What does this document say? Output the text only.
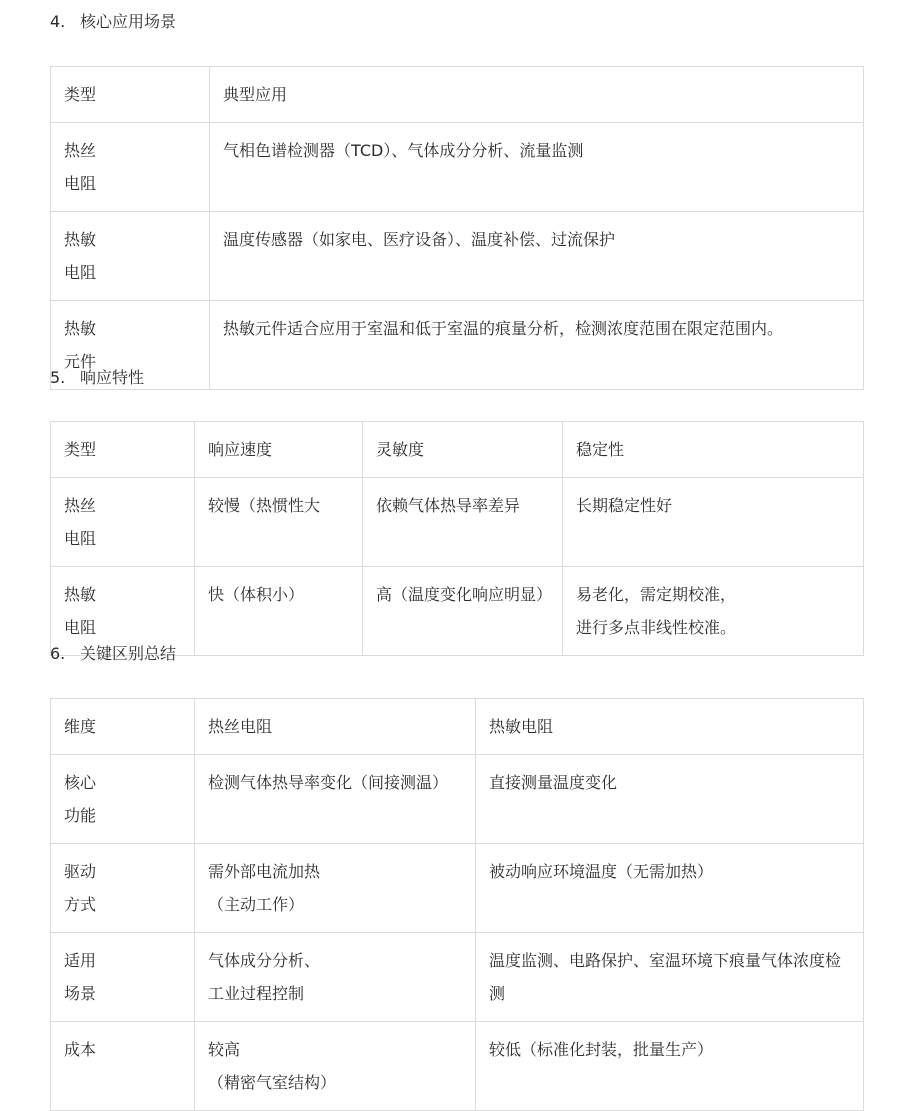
4. 核心应用场景
类型	典型应用

热丝
电阻	气相色谱检测器（TCD）、气体成分分析、流量监测

热敏
电阻	温度传感器（如家电、医疗设备）、温度补偿、过流保护

热敏
元件	热敏元件适合应用于室温和低于室温的痕量分析，检测浓度范围在限定范围内。
5. 响应特性
类型	响应速度	灵敏度	稳定性

热丝
电阻	较慢（热惯性大	依赖气体热导率差异	长期稳定性好

热敏
电阻	快（体积小）	高（温度变化响应明显）	易老化，需定期校准，
进行多点非线性校准。
6. 关键区别总结
维度	热丝电阻	热敏电阻

核心
功能	检测气体热导率变化（间接测温）	直接测量温度变化

驱动
方式	需外部电流加热
（主动工作）	被动响应环境温度（无需加热）

适用
场景	气体成分分析、
工业过程控制	温度监测、电路保护、室温环境下痕量气体浓度检测

成本	较高
（精密气室结构）	较低（标准化封装，批量生产）
